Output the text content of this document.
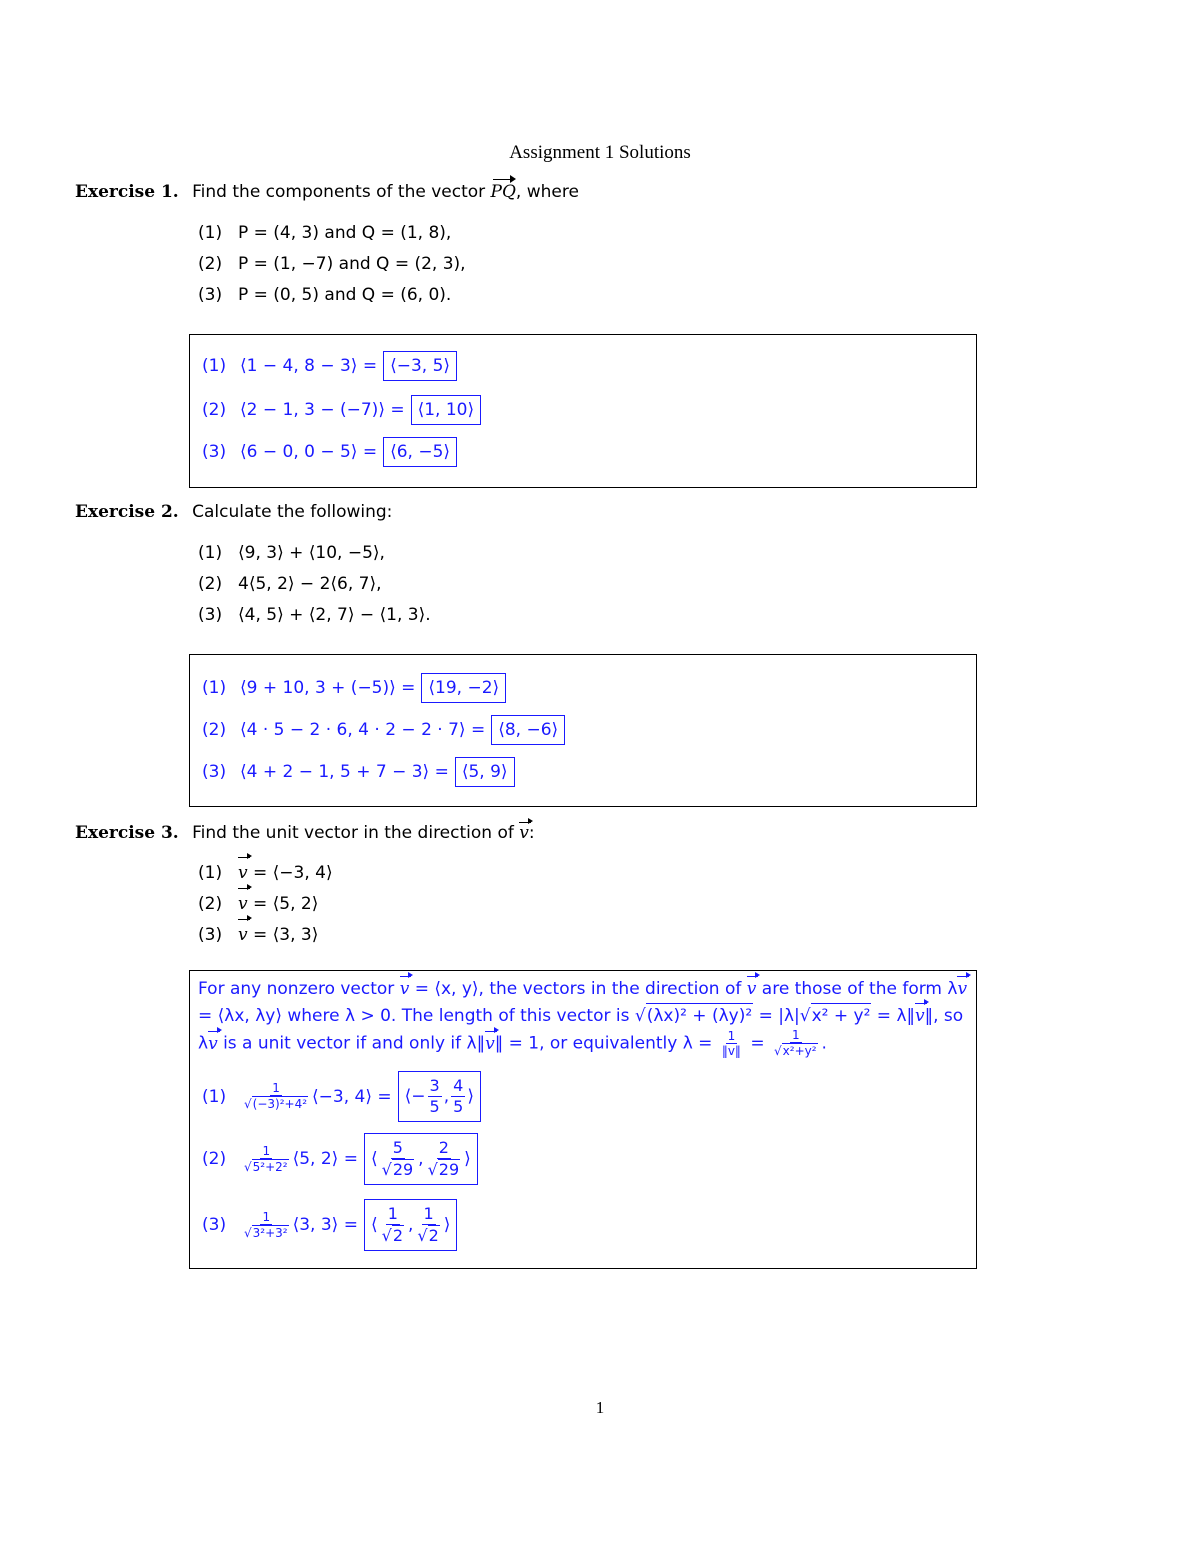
Assignment 1 Solutions
Exercise 1. Find the components of the vector PQ, where
(1) P = (4, 3) and Q = (1, 8),
(2) P = (1, −7) and Q = (2, 3),
(3) P = (0, 5) and Q = (6, 0).
(1) ⟨1 − 4, 8 − 3⟩ = ⟨−3, 5⟩
(2) ⟨2 − 1, 3 − (−7)⟩ = ⟨1, 10⟩
(3) ⟨6 − 0, 0 − 5⟩ = ⟨6, −5⟩
Exercise 2. Calculate the following:
(1) ⟨9, 3⟩ + ⟨10, −5⟩,
(2) 4⟨5, 2⟩ − 2⟨6, 7⟩,
(3) ⟨4, 5⟩ + ⟨2, 7⟩ − ⟨1, 3⟩.
(1) ⟨9 + 10, 3 + (−5)⟩ = ⟨19, −2⟩
(2) ⟨4 · 5 − 2 · 6, 4 · 2 − 2 · 7⟩ = ⟨8, −6⟩
(3) ⟨4 + 2 − 1, 5 + 7 − 3⟩ = ⟨5, 9⟩
Exercise 3. Find the unit vector in the direction of v:
(1) v = ⟨−3, 4⟩
(2) v = ⟨5, 2⟩
(3) v = ⟨3, 3⟩
For any nonzero vector v = ⟨x, y⟩, the vectors in the direction of v are those of the form λv = ⟨λx, λy⟩ where λ > 0. The length of this vector is √(λx)² + (λy)² = |λ|√x² + y² = λ‖v‖, so λv is a unit vector if and only if λ‖v‖ = 1, or equivalently $\lambda = \frac{1}{‖v‖} = \frac{1}{\text{√x²+y²}}$ .
(1)	$\frac{1}{\text{√(−3)²+4²}}$ ⟨−3, 4⟩ = ⟨− $\frac{3}{5}$ , $\frac{4}{5}$ ⟩
(2)	$\frac{1}{\text{√5²+2²}}$ ⟨5, 2⟩ = ⟨ $\frac{5}{√29}$ , $\frac{2}{√29}$ ⟩
(3)	$\frac{1}{\text{√3²+3²}}$ ⟨3, 3⟩ = ⟨ $\frac{1}{√2}$ , $\frac{1}{√2}$ ⟩
1
